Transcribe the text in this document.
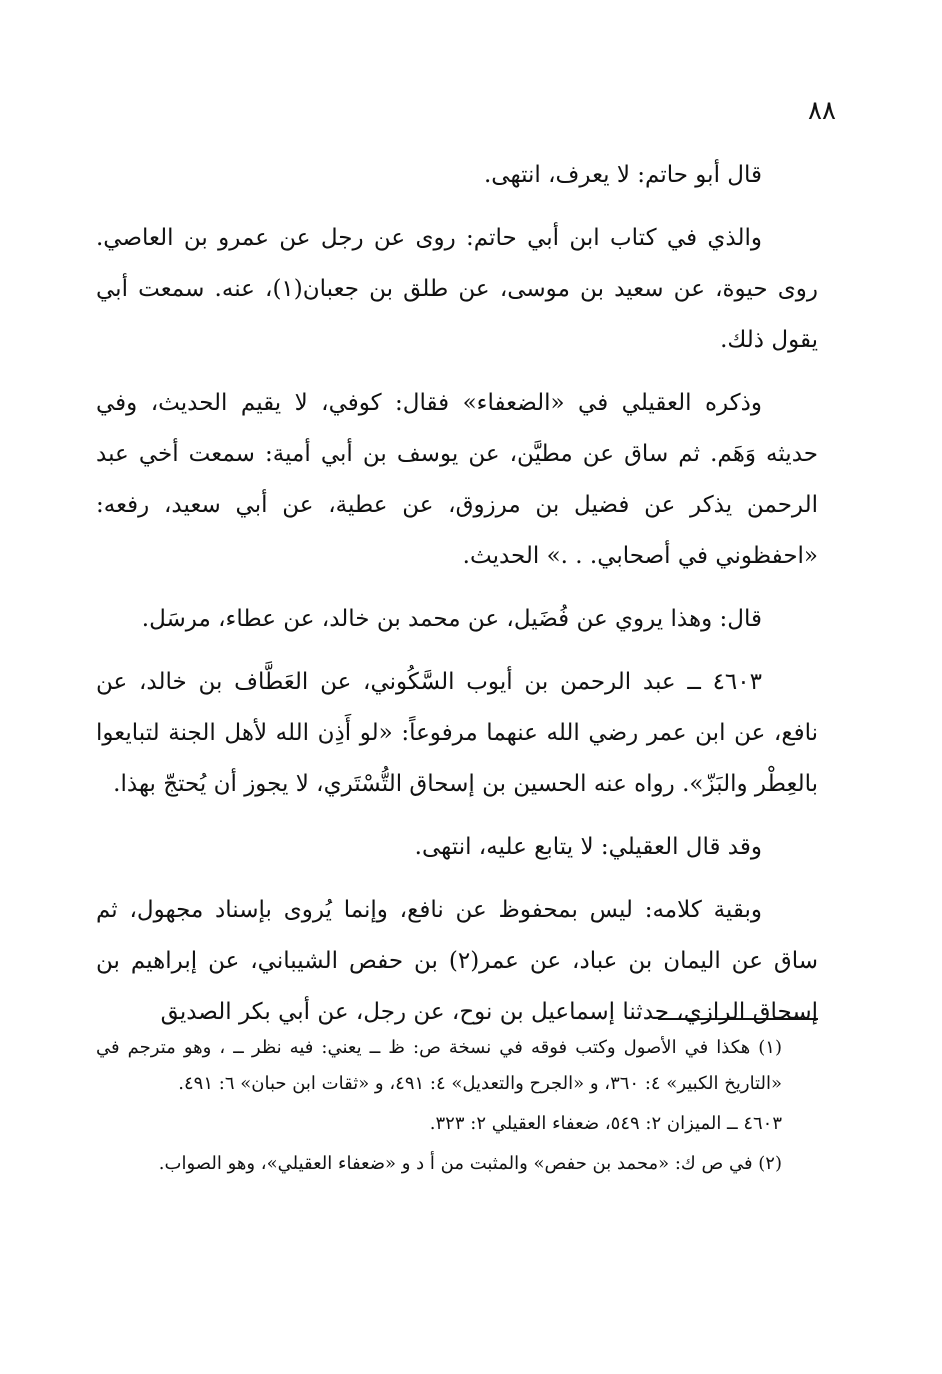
٨٨

قال أبو حاتم: لا يعرف، انتهى.

والذي في كتاب ابن أبي حاتم: روى عن رجل عن عمرو بن العاصي. روى حيوة، عن سعيد بن موسى، عن طلق بن جعبان(١)، عنه. سمعت أبي يقول ذلك.

وذكره العقيلي في «الضعفاء» فقال: كوفي، لا يقيم الحديث، وفي حديثه وَهَم. ثم ساق عن مطيَّن، عن يوسف بن أبي أمية: سمعت أخي عبد الرحمن يذكر عن فضيل بن مرزوق، عن عطية، عن أبي سعيد، رفعه: «احفظوني في أصحابي. . .» الحديث.

قال: وهذا يروي عن فُضَيل، عن محمد بن خالد، عن عطاء، مرسَل.

٤٦٠٣ ــ عبد الرحمن بن أيوب السَّكُوني، عن العَطَّاف بن خالد، عن نافع، عن ابن عمر رضي الله عنهما مرفوعاً: «لو أَذِن الله لأهل الجنة لتبايعوا بالعِطْر والبَزّ». رواه عنه الحسين بن إسحاق التُّسْتَري، لا يجوز أن يُحتجّ بهذا.

وقد قال العقيلي: لا يتابع عليه، انتهى.

وبقية كلامه: ليس بمحفوظ عن نافع، وإنما يُروى بإسناد مجهول، ثم ساق عن اليمان بن عباد، عن عمر(٢) بن حفص الشيباني، عن إبراهيم بن إسحاق الرازي، حدثنا إسماعيل بن نوح، عن رجل، عن أبي بكر الصديق

(١) هكذا في الأصول وكتب فوقه في نسخة ص: ظ ــ يعني: فيه نظر ــ ، وهو مترجم في «التاريخ الكبير» ٤: ٣٦٠، و «الجرح والتعديل» ٤: ٤٩١، و «ثقات ابن حبان» ٦: ٤٩١.

٤٦٠٣ ــ الميزان ٢: ٥٤٩، ضعفاء العقيلي ٢: ٣٢٣.

(٢) في ص ك: «محمد بن حفص» والمثبت من أ د و «ضعفاء العقيلي»، وهو الصواب.
